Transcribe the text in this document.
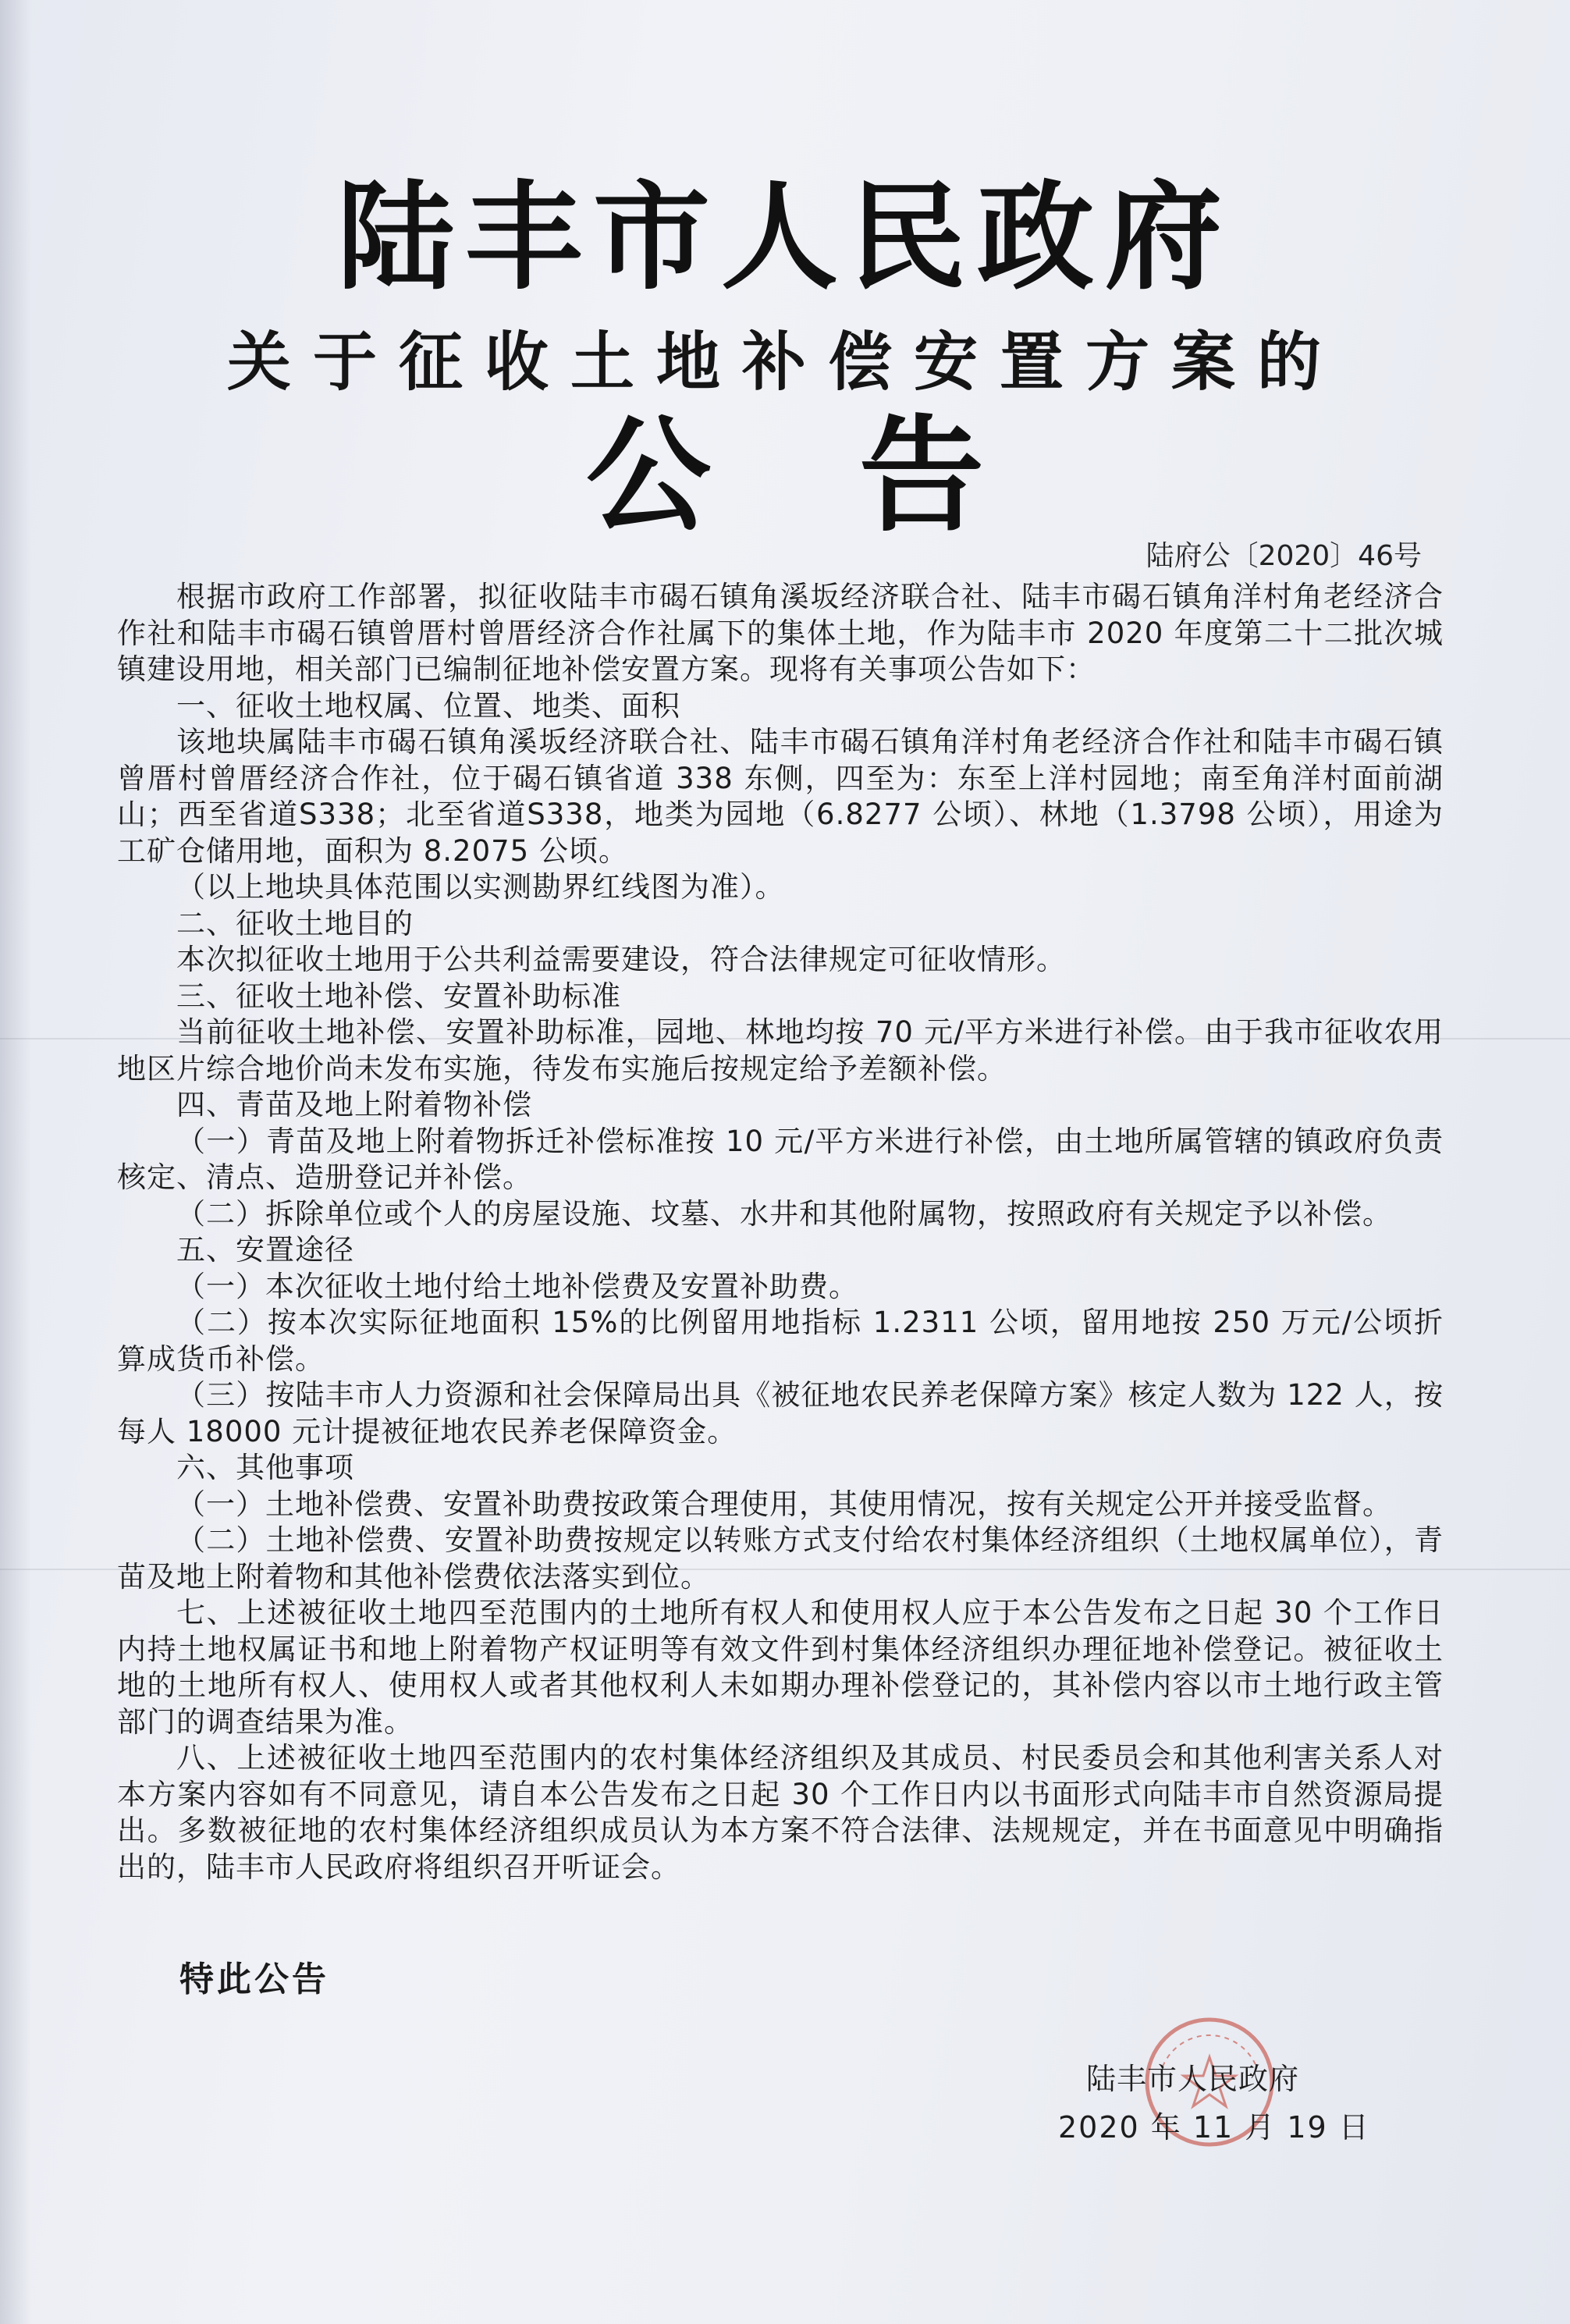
陆丰市人民政府
关于征收土地补偿安置方案的
公告
陆府公〔2020〕46号

根据市政府工作部署，拟征收陆丰市碣石镇角溪坂经济联合社、陆丰市碣石镇角洋村角老经济合作社和陆丰市碣石镇曾厝村曾厝经济合作社属下的集体土地，作为陆丰市 2020 年度第二十二批次城镇建设用地，相关部门已编制征地补偿安置方案。现将有关事项公告如下：

一、征收土地权属、位置、地类、面积

该地块属陆丰市碣石镇角溪坂经济联合社、陆丰市碣石镇角洋村角老经济合作社和陆丰市碣石镇曾厝村曾厝经济合作社，位于碣石镇省道 338 东侧，四至为：东至上洋村园地；南至角洋村面前湖山；西至省道S338；北至省道S338，地类为园地（6.8277 公顷）、林地（1.3798 公顷），用途为工矿仓储用地，面积为 8.2075 公顷。

（以上地块具体范围以实测勘界红线图为准）。

二、征收土地目的

本次拟征收土地用于公共利益需要建设，符合法律规定可征收情形。

三、征收土地补偿、安置补助标准

当前征收土地补偿、安置补助标准，园地、林地均按 70 元/平方米进行补偿。由于我市征收农用地区片综合地价尚未发布实施，待发布实施后按规定给予差额补偿。

四、青苗及地上附着物补偿

（一）青苗及地上附着物拆迁补偿标准按 10 元/平方米进行补偿，由土地所属管辖的镇政府负责核定、清点、造册登记并补偿。

（二）拆除单位或个人的房屋设施、坟墓、水井和其他附属物，按照政府有关规定予以补偿。

五、安置途径

（一）本次征收土地付给土地补偿费及安置补助费。

（二）按本次实际征地面积 15%的比例留用地指标 1.2311 公顷，留用地按 250 万元/公顷折算成货币补偿。

（三）按陆丰市人力资源和社会保障局出具《被征地农民养老保障方案》核定人数为 122 人，按每人 18000 元计提被征地农民养老保障资金。

六、其他事项

（一）土地补偿费、安置补助费按政策合理使用，其使用情况，按有关规定公开并接受监督。

（二）土地补偿费、安置补助费按规定以转账方式支付给农村集体经济组织（土地权属单位），青苗及地上附着物和其他补偿费依法落实到位。

七、上述被征收土地四至范围内的土地所有权人和使用权人应于本公告发布之日起 30 个工作日内持土地权属证书和地上附着物产权证明等有效文件到村集体经济组织办理征地补偿登记。被征收土地的土地所有权人、使用权人或者其他权利人未如期办理补偿登记的，其补偿内容以市土地行政主管部门的调查结果为准。

八、上述被征收土地四至范围内的农村集体经济组织及其成员、村民委员会和其他利害关系人对本方案内容如有不同意见，请自本公告发布之日起 30 个工作日内以书面形式向陆丰市自然资源局提出。多数被征地的农村集体经济组织成员认为本方案不符合法律、法规规定，并在书面意见中明确指出的，陆丰市人民政府将组织召开听证会。

特此公告
陆丰市人民政府
2020 年 11 月 19 日
